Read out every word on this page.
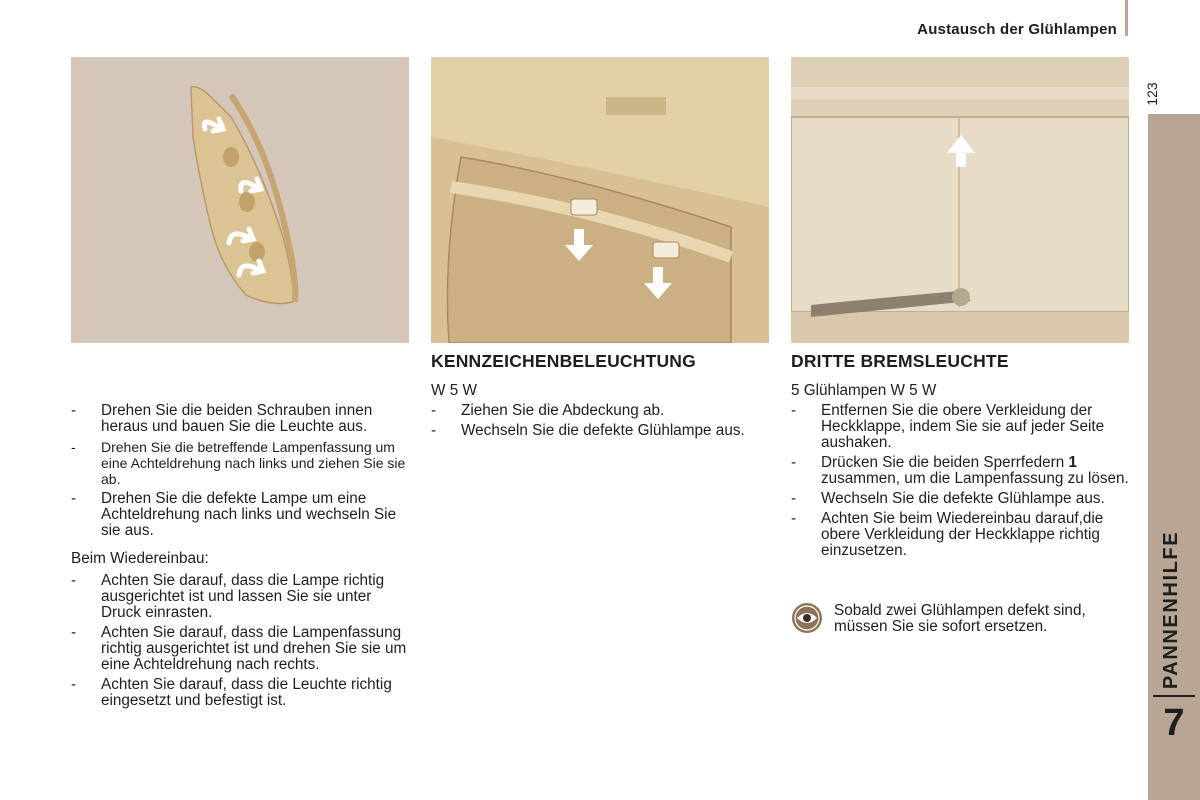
Austausch der Glühlampen
123
PANNENHILFE
7
- Drehen Sie die beiden Schrauben innen heraus und bauen Sie die Leuchte aus.

- Drehen Sie die betreffende Lampenfassung um eine Achteldrehung nach links und ziehen Sie sie ab.

- Drehen Sie die defekte Lampe um eine Achteldrehung nach links und wechseln Sie sie aus.

Beim Wiedereinbau:

- Achten Sie darauf, dass die Lampe richtig ausgerichtet ist und lassen Sie sie unter Druck einrasten.

- Achten Sie darauf, dass die Lampenfassung richtig ausgerichtet ist und drehen Sie sie um eine Achteldrehung nach rechts.

- Achten Sie darauf, dass die Leuchte richtig eingesetzt und befestigt ist.

KENNZEICHENBELEUCHTUNG

W 5 W

- Ziehen Sie die Abdeckung ab.

- Wechseln Sie die defekte Glühlampe aus.

DRITTE BREMSLEUCHTE

5 Glühlampen W 5 W

- Entfernen Sie die obere Verkleidung der Heckklappe, indem Sie sie auf jeder Seite aushaken.

- Drücken Sie die beiden Sperrfedern 1 zusammen, um die Lampenfassung zu lösen.

- Wechseln Sie die defekte Glühlampe aus.

- Achten Sie beim Wiedereinbau darauf,die obere Verkleidung der Heckklappe richtig einzusetzen.

Sobald zwei Glühlampen defekt sind, müssen Sie sie sofort ersetzen.
